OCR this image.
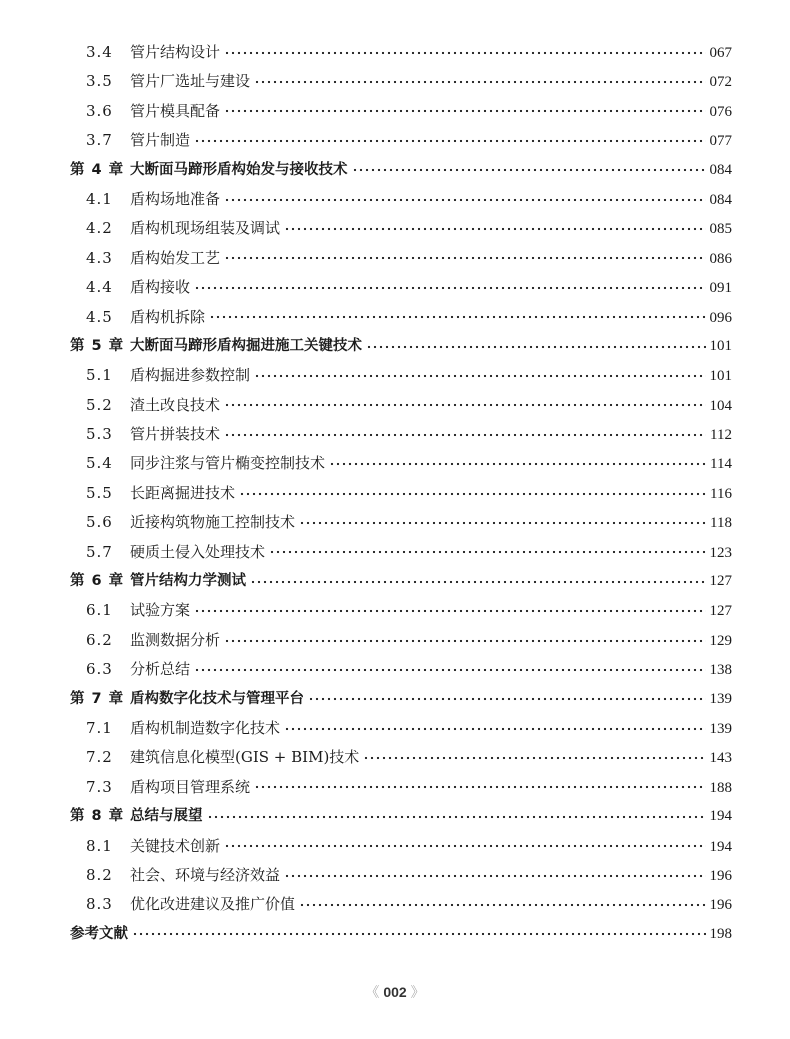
3.4	管片结构设计	067
3.5	管片厂选址与建设	072
3.6	管片模具配备	076
3.7	管片制造	077
第 4 章 大断面马蹄形盾构始发与接收技术	084
4.1	盾构场地准备	084
4.2	盾构机现场组装及调试	085
4.3	盾构始发工艺	086
4.4	盾构接收	091
4.5	盾构机拆除	096
第 5 章 大断面马蹄形盾构掘进施工关键技术	101
5.1	盾构掘进参数控制	101
5.2	渣土改良技术	104
5.3	管片拼装技术	112
5.4	同步注浆与管片椭变控制技术	114
5.5	长距离掘进技术	116
5.6	近接构筑物施工控制技术	118
5.7	硬质土侵入处理技术	123
第 6 章 管片结构力学测试	127
6.1	试验方案	127
6.2	监测数据分析	129
6.3	分析总结	138
第 7 章 盾构数字化技术与管理平台	139
7.1	盾构机制造数字化技术	139
7.2	建筑信息化模型(GIS + BIM)技术	143
7.3	盾构项目管理系统	188
第 8 章 总结与展望	194
8.1	关键技术创新	194
8.2	社会、环境与经济效益	196
8.3	优化改进建议及推广价值	196
参考文献	198
《 002 》
